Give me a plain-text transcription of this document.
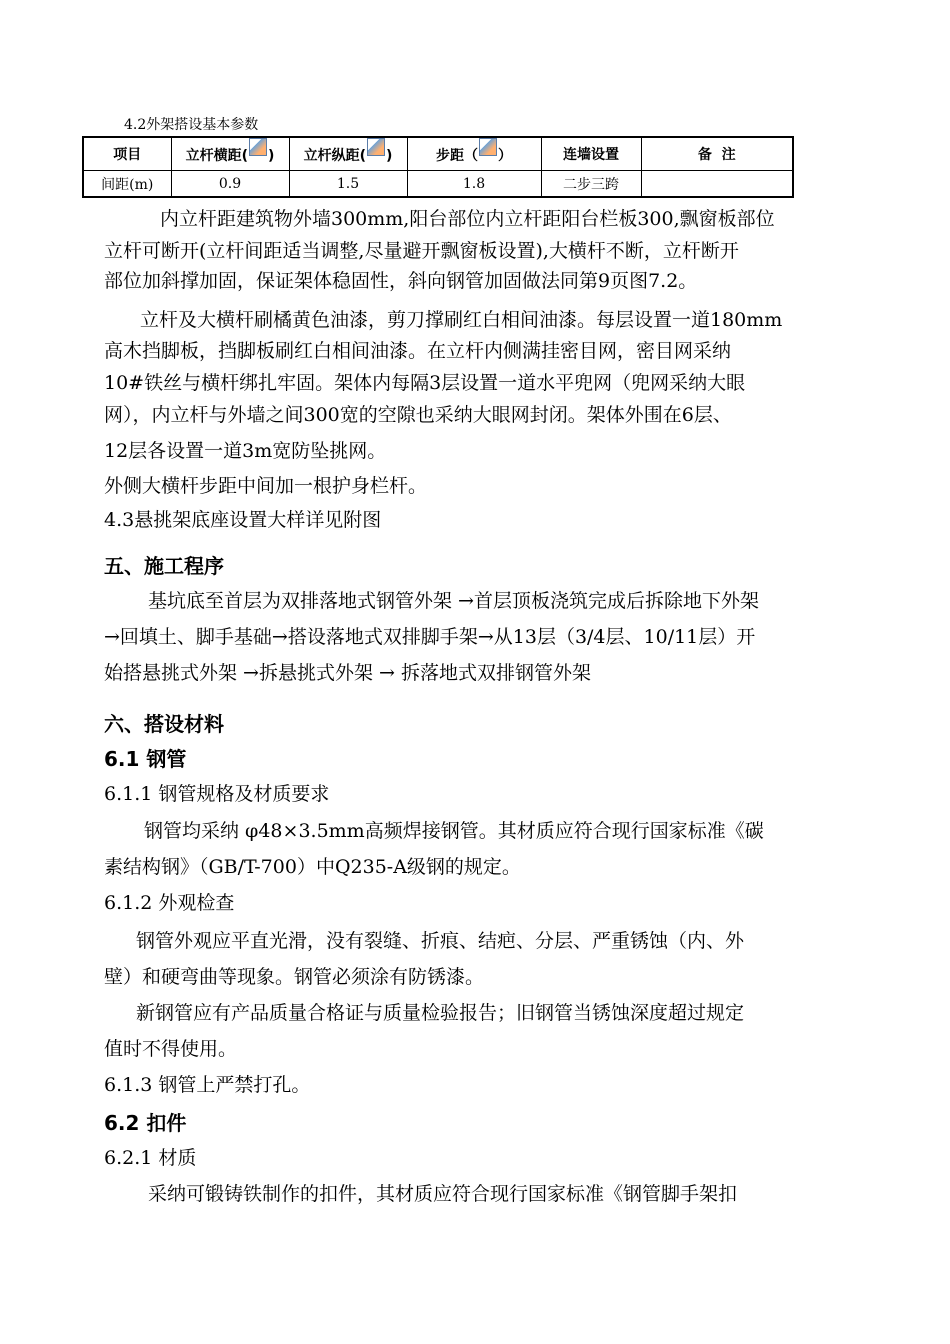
4.2外架搭设基本参数
项目	立杆横距( )	立杆纵距( )	步距（ ）	连墙设置	备  注
间距(m)	0.9	1.5	1.8	二步三跨	
内立杆距建筑物外墙300mm,阳台部位内立杆距阳台栏板300,飘窗板部位
立杆可断开(立杆间距适当调整,尽量避开飘窗板设置),大横杆不断，立杆断开
部位加斜撑加固，保证架体稳固性，斜向钢管加固做法同第9页图7.2。
立杆及大横杆刷橘黄色油漆，剪刀撑刷红白相间油漆。每层设置一道180mm
高木挡脚板，挡脚板刷红白相间油漆。在立杆内侧满挂密目网，密目网采纳
10#铁丝与横杆绑扎牢固。架体内每隔3层设置一道水平兜网（兜网采纳大眼
网），内立杆与外墙之间300宽的空隙也采纳大眼网封闭。架体外围在6层、
12层各设置一道3m宽防坠挑网。
外侧大横杆步距中间加一根护身栏杆。
4.3悬挑架底座设置大样详见附图
五、施工程序
基坑底至首层为双排落地式钢管外架 →首层顶板浇筑完成后拆除地下外架
→回填土、脚手基础→搭设落地式双排脚手架→从13层（3/4层、10/11层）开
始搭悬挑式外架 →拆悬挑式外架 → 拆落地式双排钢管外架
六、搭设材料
6.1 钢管
6.1.1 钢管规格及材质要求
钢管均采纳 φ48×3.5mm高频焊接钢管。其材质应符合现行国家标准《碳
素结构钢》（GB/T-700）中Q235-A级钢的规定。
6.1.2 外观检查
钢管外观应平直光滑，没有裂缝、折痕、结疤、分层、严重锈蚀（内、外
壁）和硬弯曲等现象。钢管必须涂有防锈漆。
新钢管应有产品质量合格证与质量检验报告；旧钢管当锈蚀深度超过规定
值时不得使用。
6.1.3 钢管上严禁打孔。
6.2 扣件
6.2.1 材质
采纳可锻铸铁制作的扣件，其材质应符合现行国家标准《钢管脚手架扣
